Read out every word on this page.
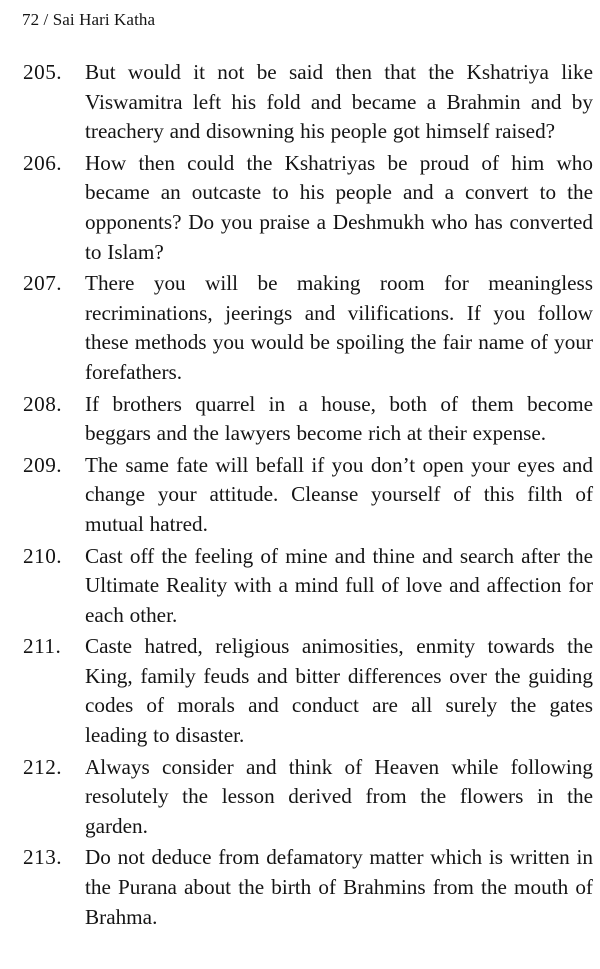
72 / Sai Hari Katha
205. But would it not be said then that the Kshatriya like Viswamitra left his fold and became a Brahmin and by treachery and disowning his people got himself raised?
206. How then could the Kshatriyas be proud of him who became an outcaste to his people and a convert to the opponents? Do you praise a Deshmukh who has converted to Islam?
207. There you will be making room for meaningless recriminations, jeerings and vilifications. If you follow these methods you would be spoiling the fair name of your forefathers.
208. If brothers quarrel in a house, both of them become beggars and the lawyers become rich at their expense.
209. The same fate will befall if you don’t open your eyes and change your attitude. Cleanse yourself of this filth of mutual hatred.
210. Cast off the feeling of mine and thine and search after the Ultimate Reality with a mind full of love and affection for each other.
211. Caste hatred, religious animosities, enmity towards the King, family feuds and bitter differences over the guiding codes of morals and conduct are all surely the gates leading to disaster.
212. Always consider and think of Heaven while following resolutely the lesson derived from the flowers in the garden.
213. Do not deduce from defamatory matter which is written in the Purana about the birth of Brahmins from the mouth of Brahma.
